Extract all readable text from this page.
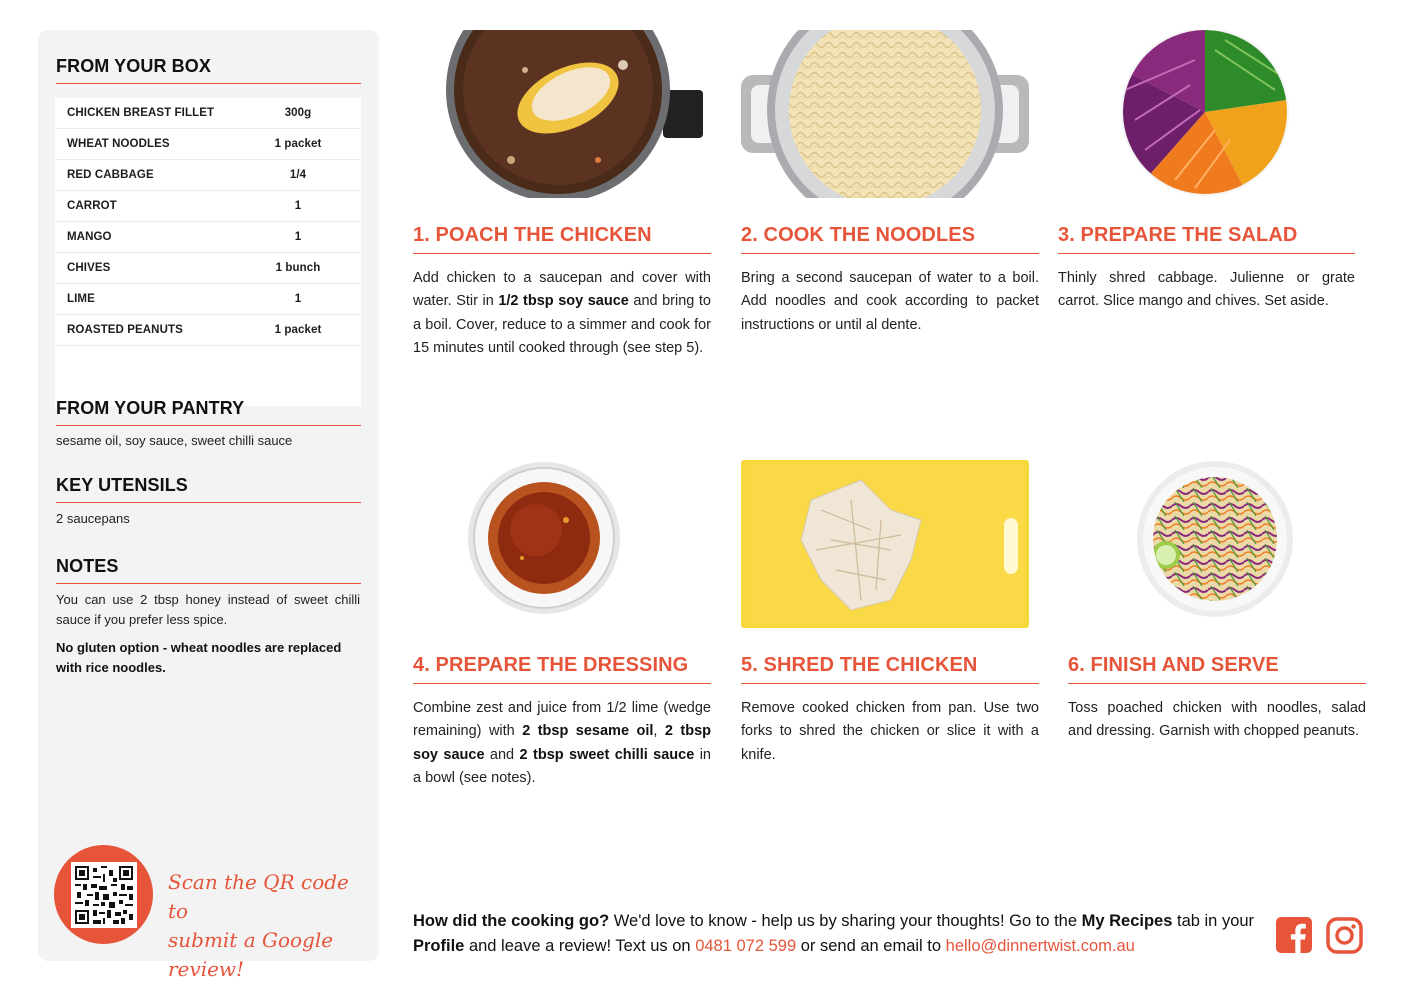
FROM YOUR BOX
CHICKEN BREAST FILLET	300g
WHEAT NOODLES	1 packet
RED CABBAGE	1/4
CARROT	1
MANGO	1
CHIVES	1 bunch
LIME	1
ROASTED PEANUTS	1 packet
FROM YOUR PANTRY
sesame oil, soy sauce, sweet chilli sauce
KEY UTENSILS
2 saucepans
NOTES
You can use 2 tbsp honey instead of sweet chilli sauce if you prefer less spice.
No gluten option - wheat noodles are replaced with rice noodles.
Scan the QR code to
submit a Google review!
1. POACH THE CHICKEN
Add chicken to a saucepan and cover with water. Stir in 1/2 tbsp soy sauce and bring to a boil. Cover, reduce to a simmer and cook for 15 minutes until cooked through (see step 5).
2. COOK THE NOODLES
Bring a second saucepan of water to a boil. Add noodles and cook according to packet instructions or until al dente.
3. PREPARE THE SALAD
Thinly shred cabbage. Julienne or grate carrot. Slice mango and chives. Set aside.
4. PREPARE THE DRESSING
Combine zest and juice from 1/2 lime (wedge remaining) with 2 tbsp sesame oil, 2 tbsp soy sauce and 2 tbsp sweet chilli sauce in a bowl (see notes).
5. SHRED THE CHICKEN
Remove cooked chicken from pan. Use two forks to shred the chicken or slice it with a knife.
6. FINISH AND SERVE
Toss poached chicken with noodles, salad and dressing. Garnish with chopped peanuts.
How did the cooking go? We'd love to know - help us by sharing your thoughts! Go to the My Recipes tab in your Profile and leave a review! Text us on 0481 072 599 or send an email to hello@dinnertwist.com.au
